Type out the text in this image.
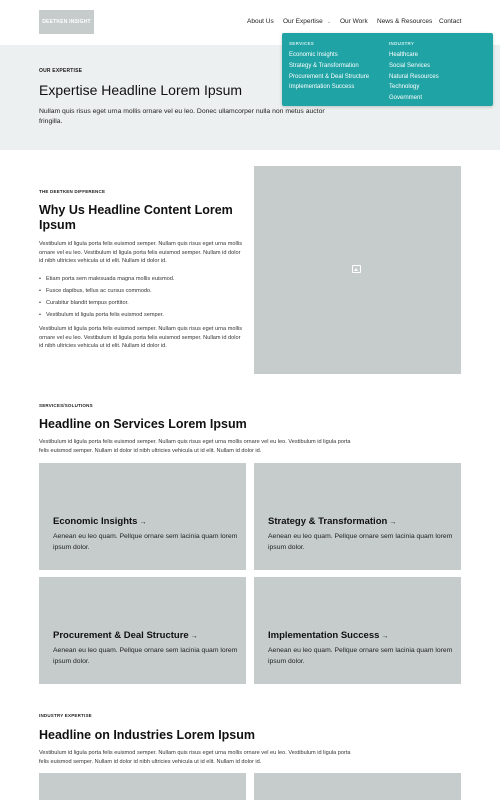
DEETKEN INSIGHT	About Us Our Expertise ⌄ Our Work News & Resources Contact
SERVICES
Economic Insights
Strategy & Transformation
Procurement & Deal Structure
Implementation Success
INDUSTRY
Healthcare
Social Services
Natural Resources
Technology
Government
OUR EXPERTISE
Expertise Headline Lorem Ipsum

Nullam quis risus eget urna mollis ornare vel eu leo. Donec ullamcorper nulla non metus auctor fringilla.

THE DEETKEN DIFFERENCE
Why Us Headline Content Lorem Ipsum

Vestibulum id ligula porta felis euismod semper. Nullam quis risus eget urna mollis ornare vel eu leo. Vestibulum id ligula porta felis euismod semper. Nullam id dolor id nibh ultricies vehicula ut id elit. Nullam id dolor id.

• Etiam porta sem malesuada magna mollis euismod.
• Fusce dapibus, tellus ac cursus commodo.
• Curabitur blandit tempus porttitor.
• Vestibulum id ligula porta felis euismod semper.

Vestibulum id ligula porta felis euismod semper. Nullam quis risus eget urna mollis ornare vel eu leo. Vestibulum id ligula porta felis euismod semper. Nullam id dolor id nibh ultricies vehicula ut id elit. Nullam id dolor id.

SERVICES/SOLUTIONS
Headline on Services Lorem Ipsum

Vestibulum id ligula porta felis euismod semper. Nullam quis risus eget urna mollis ornare vel eu leo. Vestibulum id ligula porta felis euismod semper. Nullam id dolor id nibh ultricies vehicula ut id elit. Nullam id dolor id.

Economic Insights →
Aenean eu leo quam. Pellque ornare sem lacinia quam lorem ipsum dolor.
Strategy & Transformation →
Aenean eu leo quam. Pellque ornare sem lacinia quam lorem ipsum dolor.
Procurement & Deal Structure →
Aenean eu leo quam. Pellque ornare sem lacinia quam lorem ipsum dolor.
Implementation Success →
Aenean eu leo quam. Pellque ornare sem lacinia quam lorem ipsum dolor.
INDUSTRY EXPERTISE
Headline on Industries Lorem Ipsum

Vestibulum id ligula porta felis euismod semper. Nullam quis risus eget urna mollis ornare vel eu leo. Vestibulum id ligula porta felis euismod semper. Nullam id dolor id nibh ultricies vehicula ut id elit. Nullam id dolor id.
